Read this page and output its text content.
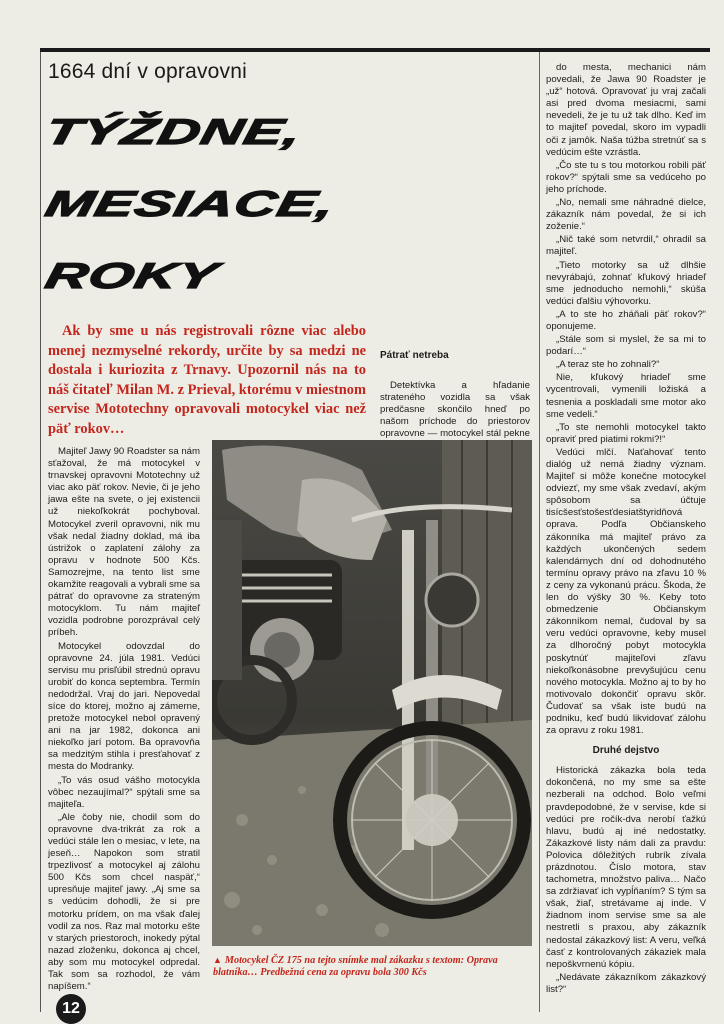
1664 dní v opravovni
TÝŽDNE,
MESIACE,
ROKY
Ak by sme u nás registrovali rôzne viac alebo menej nezmyselné rekordy, určite by sa medzi ne dostala i kuriozita z Trnavy. Upozornil nás na to náš čitateľ Milan M. z Prieval, ktorému v miestnom servise Mototechny opravovali motocykel viac než päť rokov…

Majiteľ Jawy 90 Roadster sa nám sťažoval, že má motocykel v trnavskej opravovni Mototechny už viac ako päť rokov. Nevie, či je jeho jawa ešte na svete, o jej existencii už niekoľkokrát pochyboval. Motocykel zveril opravovni, nik mu však nedal žiadny doklad, má iba ústrižok o zaplatení zálohy za opravu v hodnote 500 Kčs. Samozrejme, na tento list sme okamžite reagovali a vybrali sme sa pátrať do opravovne za strateným motocyklom. Tu nám majiteľ vozidla podrobne porozprával celý príbeh.

Motocykel odovzdal do opravovne 24. júla 1981. Vedúci servisu mu prisľúbil strednú opravu urobiť do konca septembra. Termín nedodržal. Vraj do jari. Nepovedal síce do ktorej, možno aj zámerne, pretože motocykel nebol opravený ani na jar 1982, dokonca ani niekoľko jarí potom. Ba opravovňa sa medzitým stihla i presťahovať z mesta do Modranky.

„To vás osud vášho motocykla vôbec nezaujímal?“ spýtali sme sa majiteľa.

„Ale čoby nie, chodil som do opravovne dva-trikrát za rok a vedúci stále len o mesiac, v lete, na jeseň… Napokon som stratil trpezlivosť a motocykel aj zálohu 500 Kčs som chcel naspäť,“ upresňuje majiteľ jawy. „Aj sme sa s vedúcim dohodli, že si pre motorku prídem, on ma však ďalej vodil za nos. Raz mal motorku ešte v starých priestoroch, inokedy pýtal nazad zloženku, dokonca aj chcel, aby som mu motocykel odpredal. Tak som sa rozhodol, že vám napíšem.“

Pátrať netreba

Detektívka a hľadanie strateného vozidla sa však predčasne skončilo hneď po našom príchode do priestorov opravovne — motocykel stál pekne

do mesta, mechanici nám povedali, že Jawa 90 Roadster je „už“ hotová. Opravovať ju vraj začali asi pred dvoma mesiacmi, sami nevedeli, že je tu už tak dlho. Keď im to majiteľ povedal, skoro im vypadli oči z jamôk. Naša túžba stretnúť sa s vedúcim ešte vzrástla.

„Čo ste tu s tou motorkou robili päť rokov?“ spýtali sme sa vedúceho po jeho príchode.

„No, nemali sme náhradné dielce, zákazník nám povedal, že si ich zoženie.“

„Nič také som netvrdil,“ ohradil sa majiteľ.

„Tieto motorky sa už dlhšie nevyrábajú, zohnať kľukový hriadeľ sme jednoducho nemohli,“ skúša vedúci ďalšiu výhovorku.

„A to ste ho zháňali päť rokov?“ oponujeme.

„Stále som si myslel, že sa mi to podarí…“

„A teraz ste ho zohnali?“

Nie, kľukový hriadeľ sme vycentrovali, vymenili ložiská a tesnenia a poskladali sme motor ako sme vedeli.“

„To ste nemohli motocykel takto opraviť pred piatimi rokmi?!“

Vedúci mlčí. Naťahovať tento dialóg už nemá žiadny význam. Majiteľ si môže konečne motocykel odviezť, my sme však zvedaví, akým spôsobom sa účtuje tisícšesťstošesťdesiatštyridňová oprava. Podľa Občianskeho zákonníka má majiteľ právo za každých ukončených sedem kalendárnych dní od dohodnutého termínu opravy právo na zľavu 10 % z ceny za vykonanú prácu. Škoda, že len do výšky 30 %. Keby toto obmedzenie Občianskym zákonníkom nemal, čudoval by sa veru vedúci opravovne, keby musel za dlhoročný pobyt motocykla poskytnúť majiteľovi zľavu niekoľkonásobne prevyšujúcu cenu nového motocykla. Možno aj to by ho motivovalo dokončiť opravu skôr. Čudovať sa však iste budú na podniku, keď budú likvidovať zálohu za opravu z roku 1981.

Druhé dejstvo

Historická zákazka bola teda dokončená, no my sme sa ešte nezberali na odchod. Bolo veľmi pravdepodobné, že v servise, kde si vedúci pre ročík-dva nerobí ťažkú hlavu, budú aj iné nedostatky. Zákazkové listy nám dali za pravdu: Polovica dôležitých rubrík zívala prázdnotou. Číslo motora, stav tachometra, množstvo paliva… Načo sa zdržiavať ich vypĺňaním? S tým sa však, žiaľ, stretávame aj inde. V žiadnom inom servise sme sa ale nestretli s praxou, aby zákazník nedostal zákazkový list: A veru, veľká časť z kontrolovaných zákaziek mala nepoškvrnenú kópiu.

„Nedávate zákazníkom zákazkový list?“

▲ Motocykel ČZ 175 na tejto snímke mal zákazku s textom: Oprava blatníka… Predbežná cena za opravu bola 300 Kčs
12
